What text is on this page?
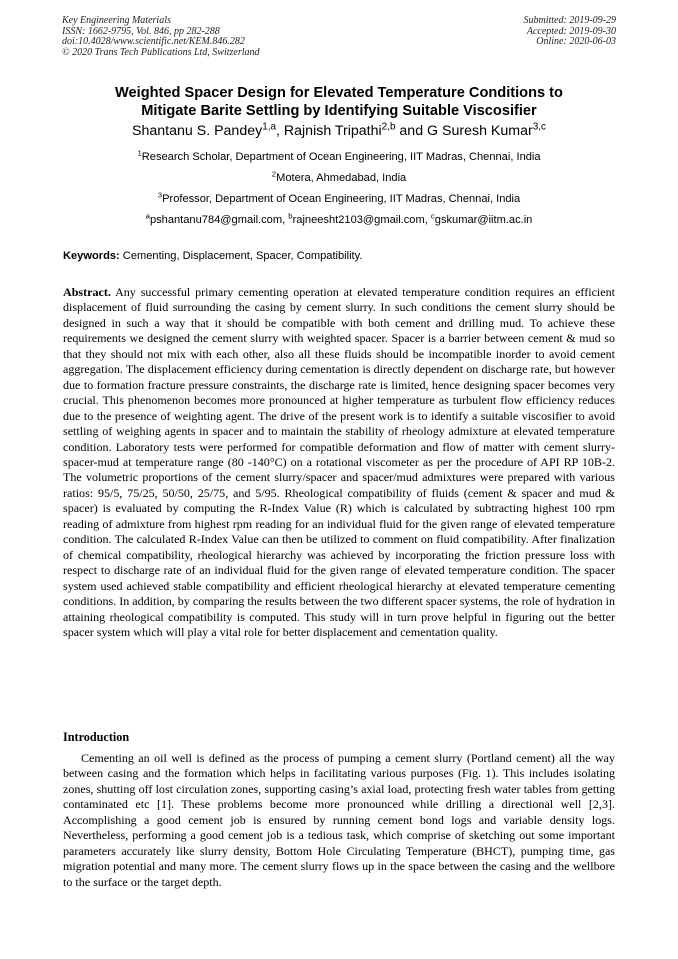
Key Engineering Materials
ISSN: 1662-9795, Vol. 846, pp 282-288
doi:10.4028/www.scientific.net/KEM.846.282
© 2020 Trans Tech Publications Ltd, Switzerland
Submitted: 2019-09-29
Accepted: 2019-09-30
Online: 2020-06-03
Weighted Spacer Design for Elevated Temperature Conditions to
Mitigate Barite Settling by Identifying Suitable Viscosifier
Shantanu S. Pandey$^{1,a}$, Rajnish Tripathi$^{2,b}$ and G Suresh Kumar$^{3,c}$
$^1$Research Scholar, Department of Ocean Engineering, IIT Madras, Chennai, India
$^2$Motera, Ahmedabad, India
$^3$Professor, Department of Ocean Engineering, IIT Madras, Chennai, India
$^a$pshantanu784@gmail.com, $^b$rajneesht2103@gmail.com, $^c$gskumar@iitm.ac.in
Keywords: Cementing, Displacement, Spacer, Compatibility.
Abstract. Any successful primary cementing operation at elevated temperature condition requires an efficient displacement of fluid surrounding the casing by cement slurry. In such conditions the cement slurry should be designed in such a way that it should be compatible with both cement and drilling mud. To achieve these requirements we designed the cement slurry with weighted spacer. Spacer is a barrier between cement & mud so that they should not mix with each other, also all these fluids should be incompatible inorder to avoid cement aggregation. The displacement efficiency during cementation is directly dependent on discharge rate, but however due to formation fracture pressure constraints, the discharge rate is limited, hence designing spacer becomes very crucial. This phenomenon becomes more pronounced at higher temperature as turbulent flow efficiency reduces due to the presence of weighting agent. The drive of the present work is to identify a suitable viscosifier to avoid settling of weighing agents in spacer and to maintain the stability of rheology admixture at elevated temperature condition. Laboratory tests were performed for compatible deformation and flow of matter with cement slurry-spacer-mud at temperature range (80 -140°C) on a rotational viscometer as per the procedure of API RP 10B-2. The volumetric proportions of the cement slurry/spacer and spacer/mud admixtures were prepared with various ratios: 95/5, 75/25, 50/50, 25/75, and 5/95. Rheological compatibility of fluids (cement & spacer and mud & spacer) is evaluated by computing the R-Index Value (R) which is calculated by subtracting highest 100 rpm reading of admixture from highest rpm reading for an individual fluid for the given range of elevated temperature condition. The calculated R-Index Value can then be utilized to comment on fluid compatibility. After finalization of chemical compatibility, rheological hierarchy was achieved by incorporating the friction pressure loss with respect to discharge rate of an individual fluid for the given range of elevated temperature condition. The spacer system used achieved stable compatibility and efficient rheological hierarchy at elevated temperature cementing conditions. In addition, by comparing the results between the two different spacer systems, the role of hydration in attaining rheological compatibility is computed. This study will in turn prove helpful in figuring out the better spacer system which will play a vital role for better displacement and cementation quality.
Introduction
Cementing an oil well is defined as the process of pumping a cement slurry (Portland cement) all the way between casing and the formation which helps in facilitating various purposes (Fig. 1). This includes isolating zones, shutting off lost circulation zones, supporting casing’s axial load, protecting fresh water tables from getting contaminated etc [1]. These problems become more pronounced while drilling a directional well [2,3]. Accomplishing a good cement job is ensured by running cement bond logs and variable density logs. Nevertheless, performing a good cement job is a tedious task, which comprise of sketching out some important parameters accurately like slurry density, Bottom Hole Circulating Temperature (BHCT), pumping time, gas migration potential and many more. The cement slurry flows up in the space between the casing and the wellbore to the surface or the target depth.
